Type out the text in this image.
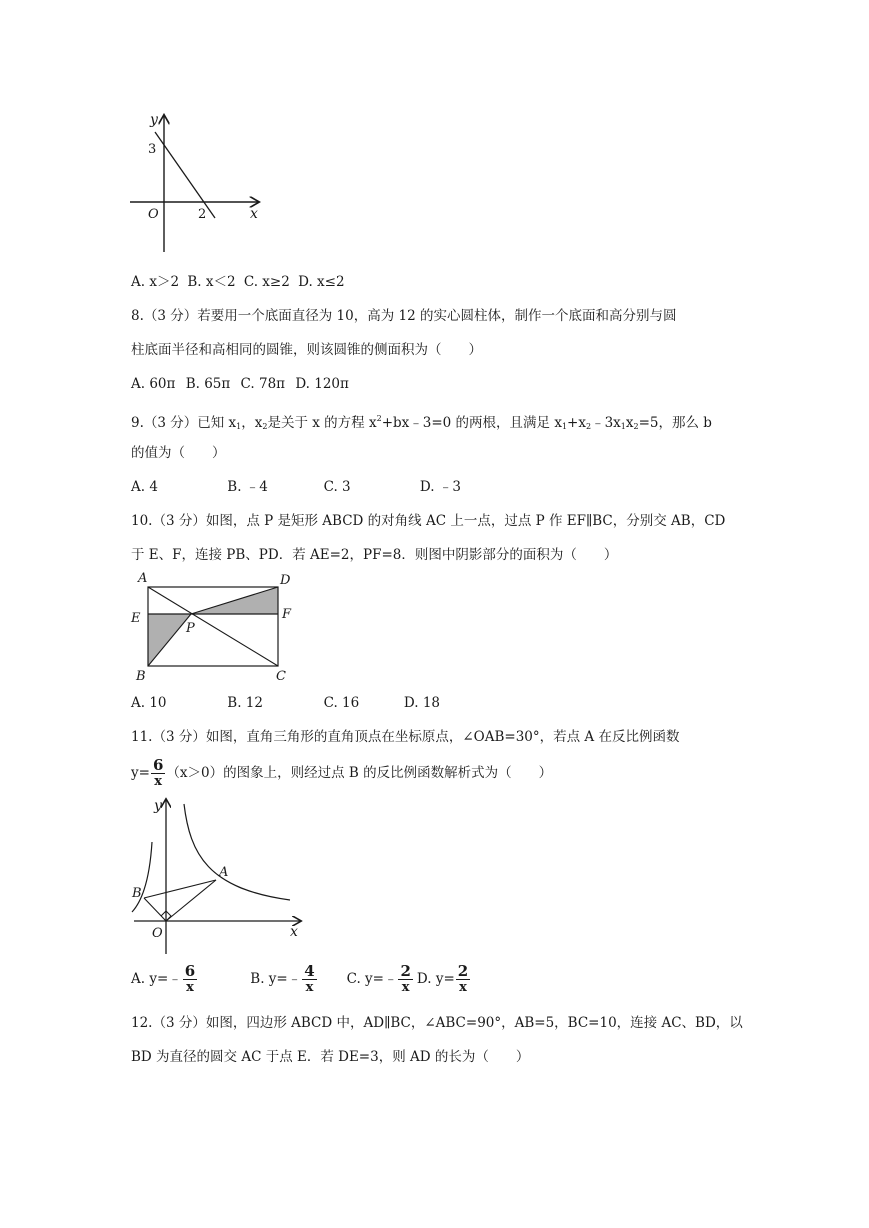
y
3
O	2	x
A. x＞2 B. x＜2 C. x≥2 D. x≤2
8.（3 分）若要用一个底面直径为 10，高为 12 的实心圆柱体，制作一个底面和高分别与圆
柱底面半径和高相同的圆锥，则该圆锥的侧面积为（　　）
A. 60π B. 65π C. 78π D. 120π
9.（3 分）已知 $x_1$，$x_2$是关于 x 的方程 $x^2+bx﹣3=0$ 的两根，且满足 $x_1+x_2﹣3x_1x_2=5$，那么 b
的值为（　　）
A. 4	B. ﹣4	C. 3	D. ﹣3
10.（3 分）如图，点 P 是矩形 ABCD 的对角线 AC 上一点，过点 P 作 EF∥BC，分别交 AB，CD
于 E、F，连接 PB、PD．若 AE=2，PF=8．则图中阴影部分的面积为（　　）
A	D
E	F
P
B	C
A. 10	B. 12	C. 16	D. 18
11.（3 分）如图，直角三角形的直角顶点在坐标原点，∠OAB=30°，若点 A 在反比例函数
$y= \frac{6}{x} (x>0)$的图象上，则经过点 B 的反比例函数解析式为（　　）
y
A
B
O	x
A. y=﹣ $\frac{6}{x}$	B. y=﹣ $\frac{4}{x} C$. y=﹣ $\frac{2}{x} D$. $y= \frac{2}{x}$
12.（3 分）如图，四边形 ABCD 中，AD∥BC，∠ABC=90°，AB=5，BC=10，连接 AC、BD，以
BD 为直径的圆交 AC 于点 E．若 DE=3，则 AD 的长为（　　）
